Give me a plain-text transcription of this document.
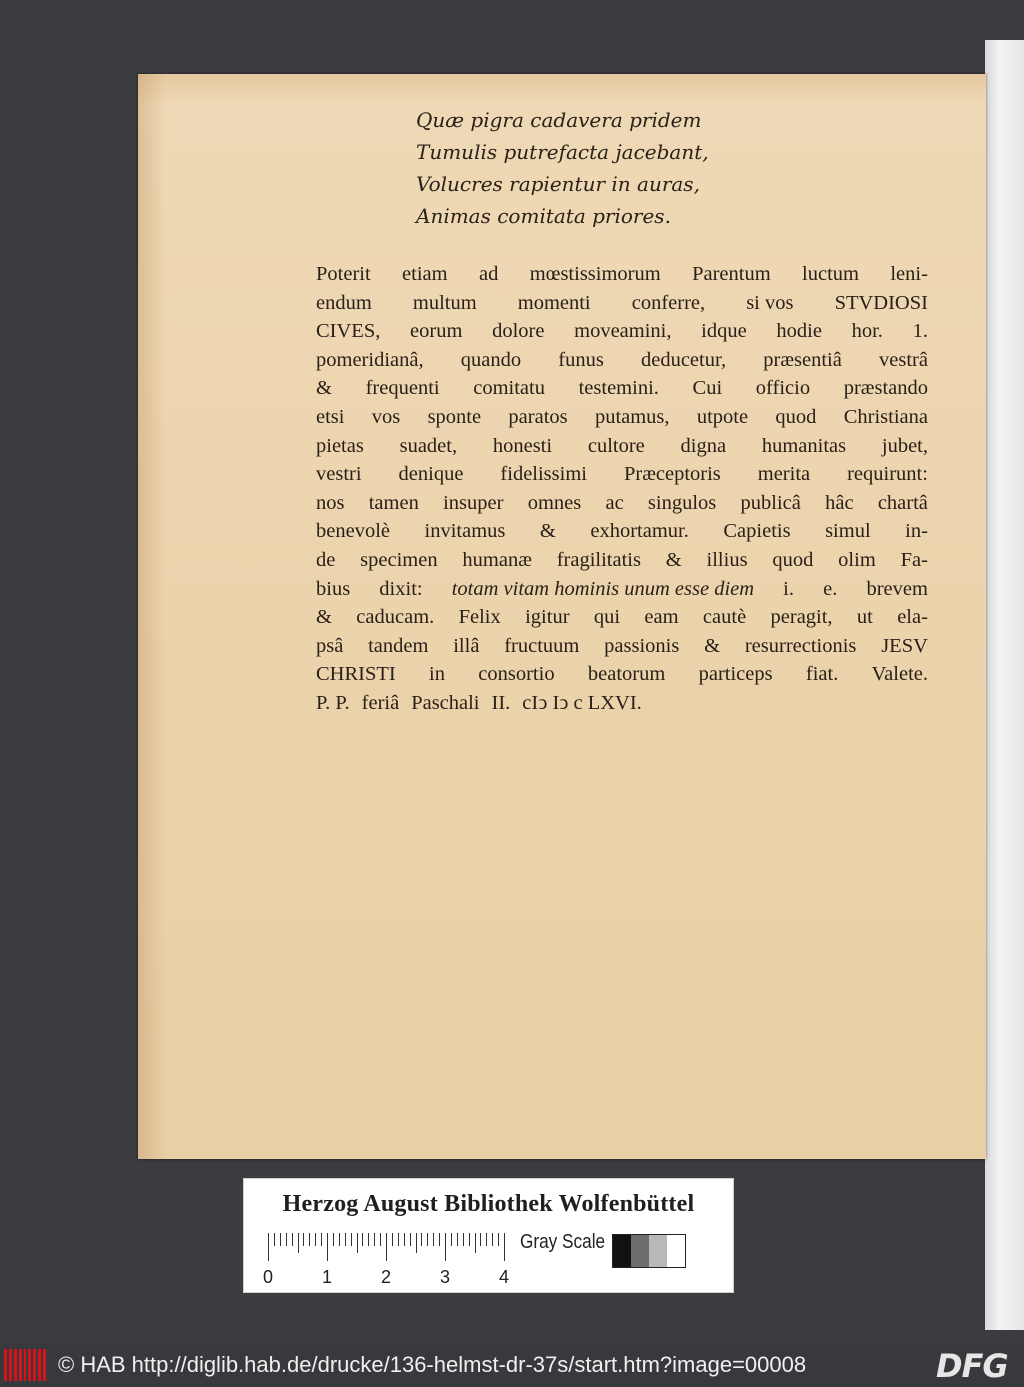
Quæ pigra cadavera pridem
Tumulis putrefacta jacebant,
Volucres rapientur in auras,
Animas comitata priores.
Poterit etiam ad mœstissimorum Parentum luctum leni-
endum multum momenti conferre, si vos STVDIOSI
CIVES, eorum dolore moveamini, idque hodie hor. 1.
pomeridianâ, quando funus deducetur, præsentiâ vestrâ
& frequenti comitatu testemini. Cui officio præstando
etsi vos sponte paratos putamus, utpote quod Christiana
pietas suadet, honesti cultore digna humanitas jubet,
vestri denique fidelissimi Præceptoris merita requirunt:
nos tamen insuper omnes ac singulos publicâ hâc chartâ
benevolè invitamus & exhortamur. Capietis simul in-
de specimen humanæ fragilitatis & illius quod olim Fa-
bius dixit: totam vitam hominis unum esse diem i. e. brevem
& caducam. Felix igitur qui eam cautè peragit, ut ela-
psâ tandem illâ fructuum passionis & resurrectionis JESV
CHRISTI in consortio beatorum particeps fiat. Valete.
P. P. feriâ Paschali II. cIↄ Iↄ c LXVI.
Herzog August Bibliothek Wolfenbüttel
0	1	2	3	4
Gray Scale
© HAB http://diglib.hab.de/drucke/136-helmst-dr-37s/start.htm?image=00008	DFG
